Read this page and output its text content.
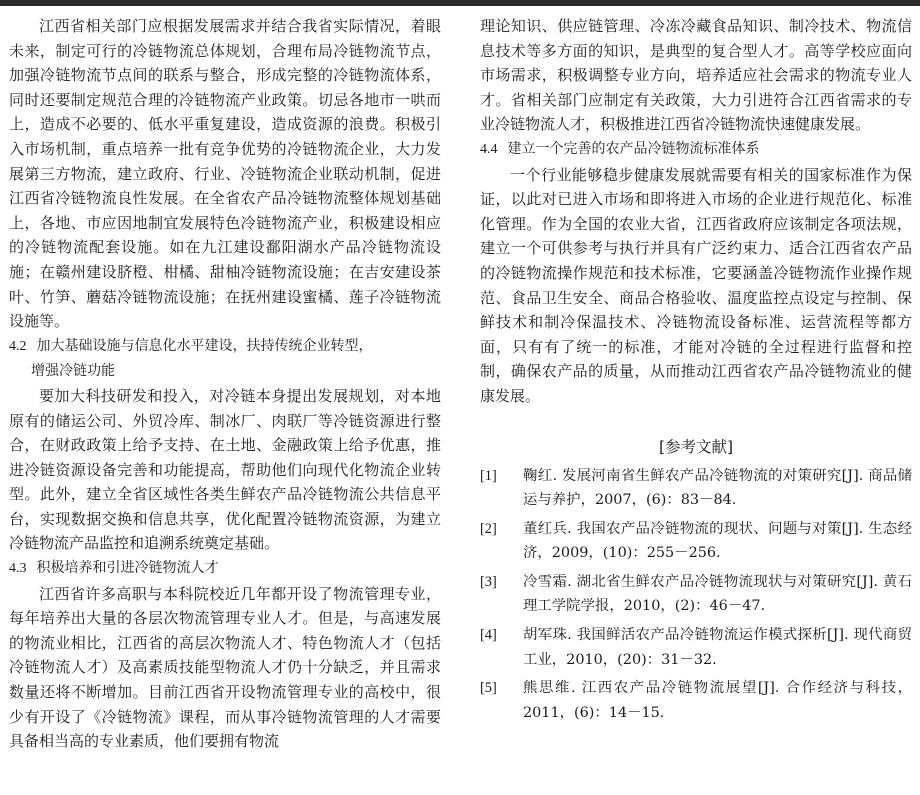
江西省相关部门应根据发展需求并结合我省实际情况，着眼未来，制定可行的冷链物流总体规划，合理布局冷链物流节点，加强冷链物流节点间的联系与整合，形成完整的冷链物流体系，同时还要制定规范合理的冷链物流产业政策。切忌各地市一哄而上，造成不必要的、低水平重复建设，造成资源的浪费。积极引入市场机制，重点培养一批有竞争优势的冷链物流企业，大力发展第三方物流，建立政府、行业、冷链物流企业联动机制，促进江西省冷链物流良性发展。在全省农产品冷链物流整体规划基础上，各地、市应因地制宜发展特色冷链物流产业，积极建设相应的冷链物流配套设施。如在九江建设鄱阳湖水产品冷链物流设施；在赣州建设脐橙、柑橘、甜柚冷链物流设施；在吉安建设茶叶、竹笋、蘑菇冷链物流设施；在抚州建设蜜橘、莲子冷链物流设施等。

4.2 加大基础设施与信息化水平建设，扶持传统企业转型，
增强冷链功能

要加大科技研发和投入，对冷链本身提出发展规划，对本地原有的储运公司、外贸冷库、制冰厂、肉联厂等冷链资源进行整合，在财政政策上给予支持、在土地、金融政策上给予优惠，推进冷链资源设备完善和功能提高，帮助他们向现代化物流企业转型。此外，建立全省区域性各类生鲜农产品冷链物流公共信息平台，实现数据交换和信息共享，优化配置冷链物流资源，为建立冷链物流产品监控和追溯系统奠定基础。

4.3 积极培养和引进冷链物流人才

江西省许多高职与本科院校近几年都开设了物流管理专业，每年培养出大量的各层次物流管理专业人才。但是，与高速发展的物流业相比，江西省的高层次物流人才、特色物流人才（包括冷链物流人才）及高素质技能型物流人才仍十分缺乏，并且需求数量还将不断增加。目前江西省开设物流管理专业的高校中，很少有开设了《冷链物流》课程，而从事冷链物流管理的人才需要具备相当高的专业素质，他们要拥有物流

理论知识、供应链管理、冷冻冷藏食品知识、制冷技术、物流信息技术等多方面的知识，是典型的复合型人才。高等学校应面向市场需求，积极调整专业方向，培养适应社会需求的物流专业人才。省相关部门应制定有关政策，大力引进符合江西省需求的专业冷链物流人才，积极推进江西省冷链物流快速健康发展。

4.4 建立一个完善的农产品冷链物流标准体系

一个行业能够稳步健康发展就需要有相关的国家标准作为保证，以此对已进入市场和即将进入市场的企业进行规范化、标准化管理。作为全国的农业大省，江西省政府应该制定各项法规，建立一个可供参考与执行并具有广泛约束力、适合江西省农产品的冷链物流操作规范和技术标准，它要涵盖冷链物流作业操作规范、食品卫生安全、商品合格验收、温度监控点设定与控制、保鲜技术和制冷保温技术、冷链物流设备标准、运营流程等都方面，只有有了统一的标准，才能对冷链的全过程进行监督和控制，确保农产品的质量，从而推动江西省农产品冷链物流业的健康发展。

[参考文献]
[1] 鞠红. 发展河南省生鲜农产品冷链物流的对策研究[J]. 商品储运与养护，2007，(6)：83－84.
[2] 董红兵. 我国农产品冷链物流的现状、问题与对策[J]. 生态经济，2009，(10)：255－256.
[3] 冷雪霜. 湖北省生鲜农产品冷链物流现状与对策研究[J]. 黄石理工学院学报，2010，(2)：46－47.
[4] 胡军珠. 我国鲜活农产品冷链物流运作模式探析[J]. 现代商贸工业，2010，(20)：31－32.
[5] 熊思维. 江西农产品冷链物流展望[J]. 合作经济与科技，2011，(6)：14－15.
